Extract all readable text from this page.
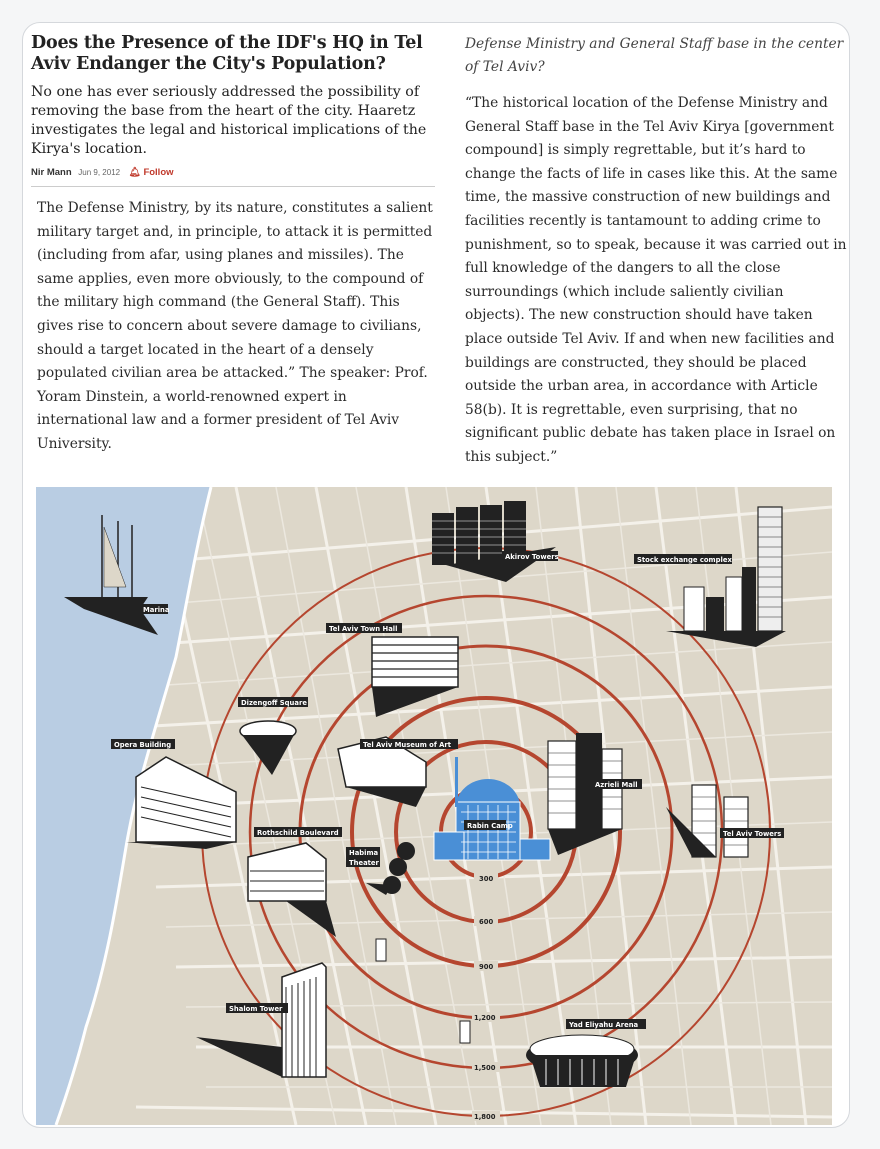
Does the Presence of the IDF's HQ in Tel Aviv Endanger the City's Population?

No one has ever seriously addressed the possibility of removing the base from the heart of the city. Haaretz investigates the legal and historical implications of the Kirya's location.

Nir Mann Jun 9, 2012 🔔︎ Follow
The Defense Ministry, by its nature, constitutes a salient military target and, in principle, to attack it is permitted (including from afar, using planes and missiles). The same applies, even more obviously, to the compound of the military high command (the General Staff). This gives rise to concern about severe damage to civilians, should a target located in the heart of a densely populated civilian area be attacked.” The speaker: Prof. Yoram Dinstein, a world-renowned expert in international law and a former president of Tel Aviv University.

Defense Ministry and General Staff base in the center of Tel Aviv?
“The historical location of the Defense Ministry and General Staff base in the Tel Aviv Kirya [government compound] is simply regrettable, but it’s hard to change the facts of life in cases like this. At the same time, the massive construction of new buildings and facilities recently is tantamount to adding crime to punishment, so to speak, because it was carried out in full knowledge of the dangers to all the close surroundings (which include saliently civilian objects). The new construction should have taken place outside Tel Aviv. If and when new facilities and buildings are constructed, they should be placed outside the urban area, in accordance with Article 58(b). It is regrettable, even surprising, that no significant public debate has taken place in Israel on this subject.”
300
600
900
1,200
1,500
1,800
Rabin Camp
Marina
Akirov Towers	Stock exchange complex
Tel Aviv Town Hall
Dizengoff Square
Opera Building	Tel Aviv Museum of Art
Azrieli Mall
Tel Aviv Towers
Rothschild Boulevard
Habima
Theater
Shalom Tower
Yad Eliyahu Arena
